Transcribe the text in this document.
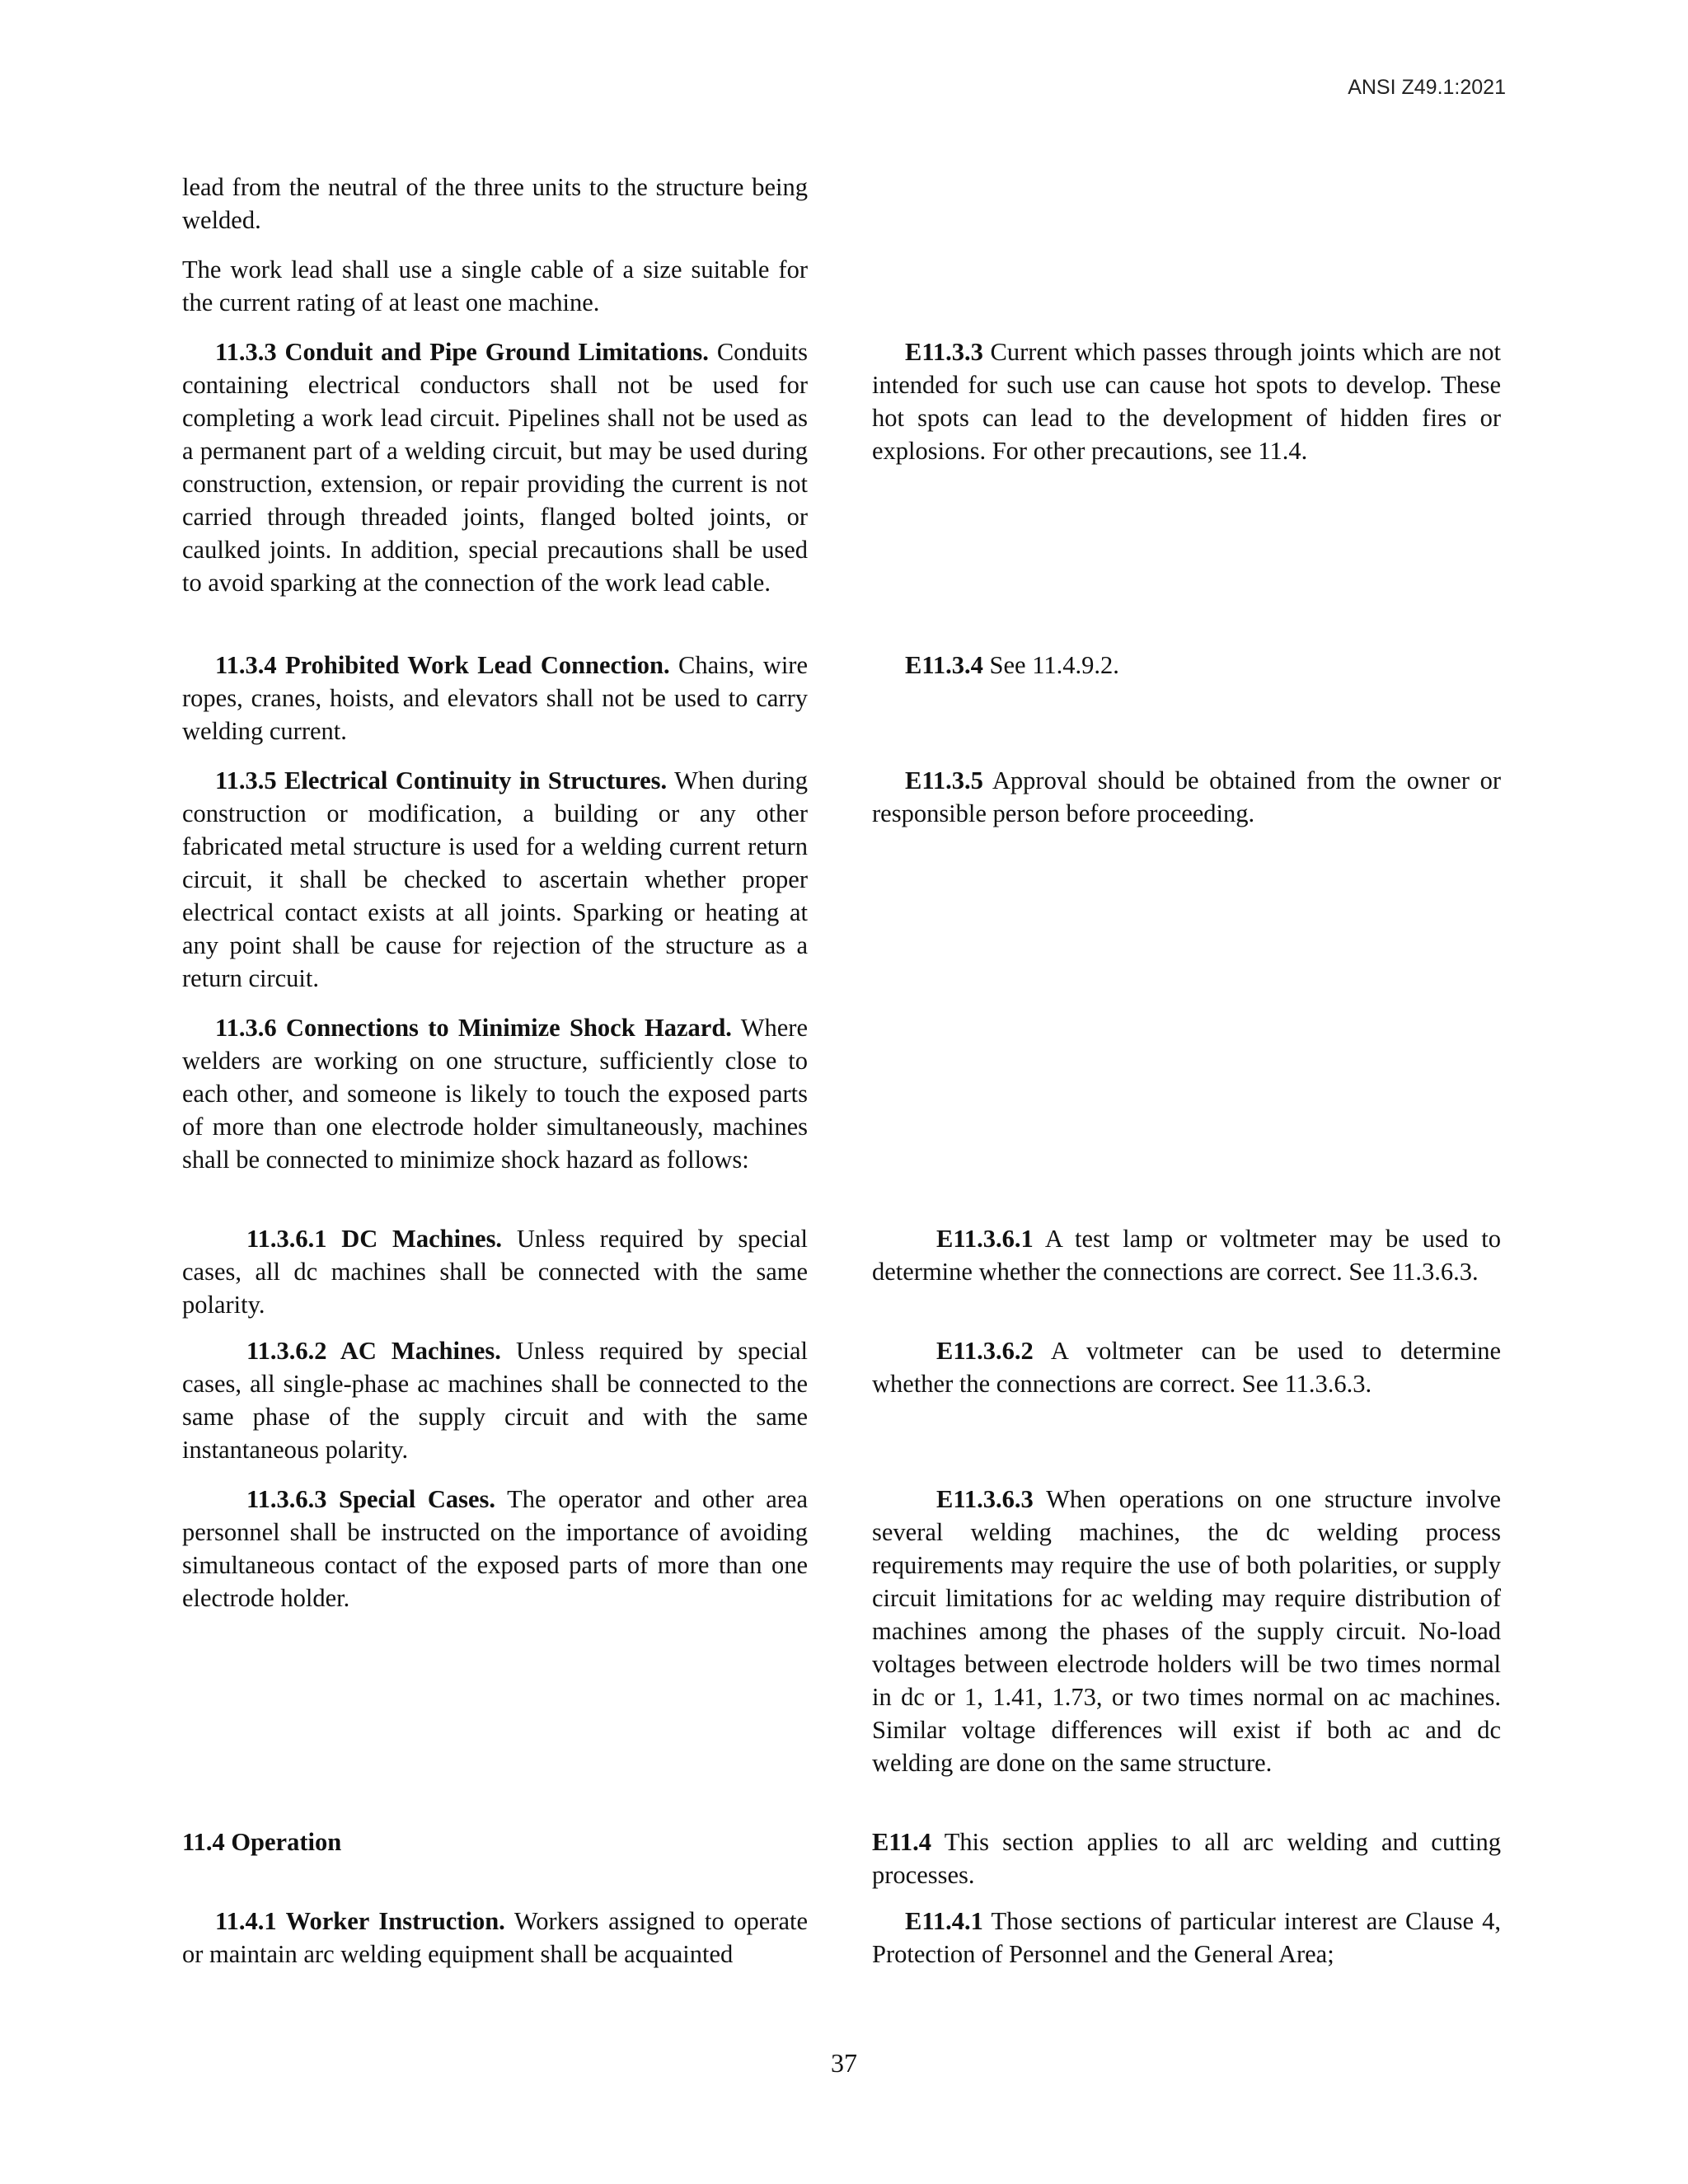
ANSI Z49.1:2021

lead from the neutral of the three units to the structure being welded.

The work lead shall use a single cable of a size suitable for the current rating of at least one machine.

11.3.3 Conduit and Pipe Ground Limitations. Conduits containing electrical conductors shall not be used for completing a work lead circuit. Pipelines shall not be used as a permanent part of a welding circuit, but may be used during construction, extension, or repair providing the current is not carried through threaded joints, flanged bolted joints, or caulked joints. In addition, special precautions shall be used to avoid sparking at the connection of the work lead cable.

11.3.4 Prohibited Work Lead Connection. Chains, wire ropes, cranes, hoists, and elevators shall not be used to carry welding current.

11.3.5 Electrical Continuity in Structures. When during construction or modification, a building or any other fabricated metal structure is used for a welding current return circuit, it shall be checked to ascertain whether proper electrical contact exists at all joints. Sparking or heating at any point shall be cause for rejection of the structure as a return circuit.

11.3.6 Connections to Minimize Shock Hazard. Where welders are working on one structure, sufficiently close to each other, and someone is likely to touch the exposed parts of more than one electrode holder simultaneously, machines shall be connected to minimize shock hazard as follows:

11.3.6.1 DC Machines. Unless required by special cases, all dc machines shall be connected with the same polarity.

11.3.6.2 AC Machines. Unless required by special cases, all single-phase ac machines shall be connected to the same phase of the supply circuit and with the same instantaneous polarity.

11.3.6.3 Special Cases. The operator and other area personnel shall be instructed on the importance of avoiding simultaneous contact of the exposed parts of more than one electrode holder.

11.4 Operation

11.4.1 Worker Instruction. Workers assigned to operate or maintain arc welding equipment shall be acquainted

E11.3.3 Current which passes through joints which are not intended for such use can cause hot spots to develop. These hot spots can lead to the development of hidden fires or explosions. For other precautions, see 11.4.

E11.3.4 See 11.4.9.2.

E11.3.5 Approval should be obtained from the owner or responsible person before proceeding.

E11.3.6.1 A test lamp or voltmeter may be used to determine whether the connections are correct. See 11.3.6.3.

E11.3.6.2 A voltmeter can be used to determine whether the connections are correct. See 11.3.6.3.

E11.3.6.3 When operations on one structure involve several welding machines, the dc welding process requirements may require the use of both polarities, or supply circuit limitations for ac welding may require distribution of machines among the phases of the supply circuit. No-load voltages between electrode holders will be two times normal in dc or 1, 1.41, 1.73, or two times normal on ac machines. Similar voltage differences will exist if both ac and dc welding are done on the same structure.

E11.4 This section applies to all arc welding and cutting processes.

E11.4.1 Those sections of particular interest are Clause 4, Protection of Personnel and the General Area;

37
